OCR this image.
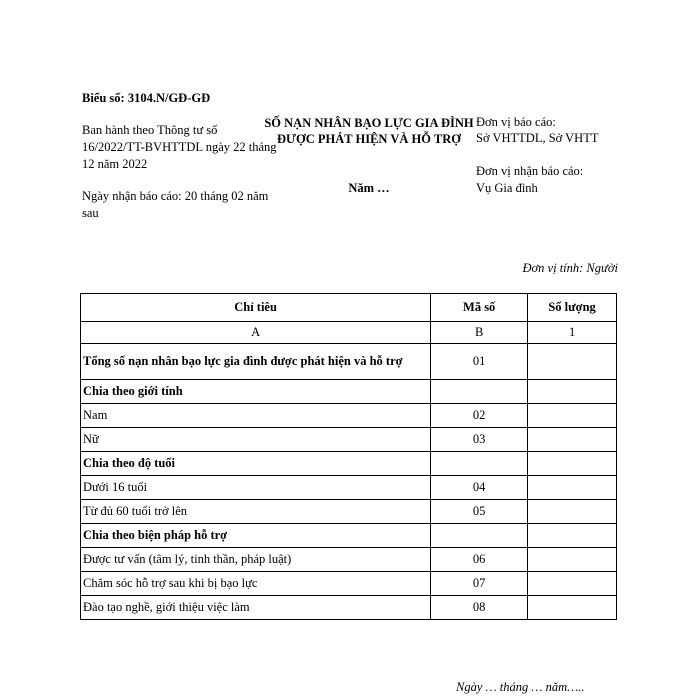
Biểu số: 3104.N/GĐ-GĐ
Ban hành theo Thông tư số 16/2022/TT-BVHTTDL ngày 22 tháng 12 năm 2022
Ngày nhận báo cáo: 20 tháng 02 năm sau
SỐ NẠN NHÂN BẠO LỰC GIA ĐÌNH ĐƯỢC PHÁT HIỆN VÀ HỖ TRỢ
Năm …
Đơn vị báo cáo:
Sở VHTTDL, Sở VHTT
Đơn vị nhận báo cáo:
Vụ Gia đình
Đơn vị tính: Người
Chỉ tiêu	Mã số	Số lượng
A	B	1
Tổng số nạn nhân bạo lực gia đình được phát hiện và hỗ trợ	01	
Chia theo giới tính		
Nam	02	
Nữ	03	
Chia theo độ tuổi		
Dưới 16 tuổi	04	
Từ đủ 60 tuổi trở lên	05	
Chia theo biện pháp hỗ trợ		
Được tư vấn (tâm lý, tinh thần, pháp luật)	06	
Chăm sóc hỗ trợ sau khi bị bạo lực	07	
Đào tạo nghề, giới thiệu việc làm	08	
Ngày … tháng … năm…..
